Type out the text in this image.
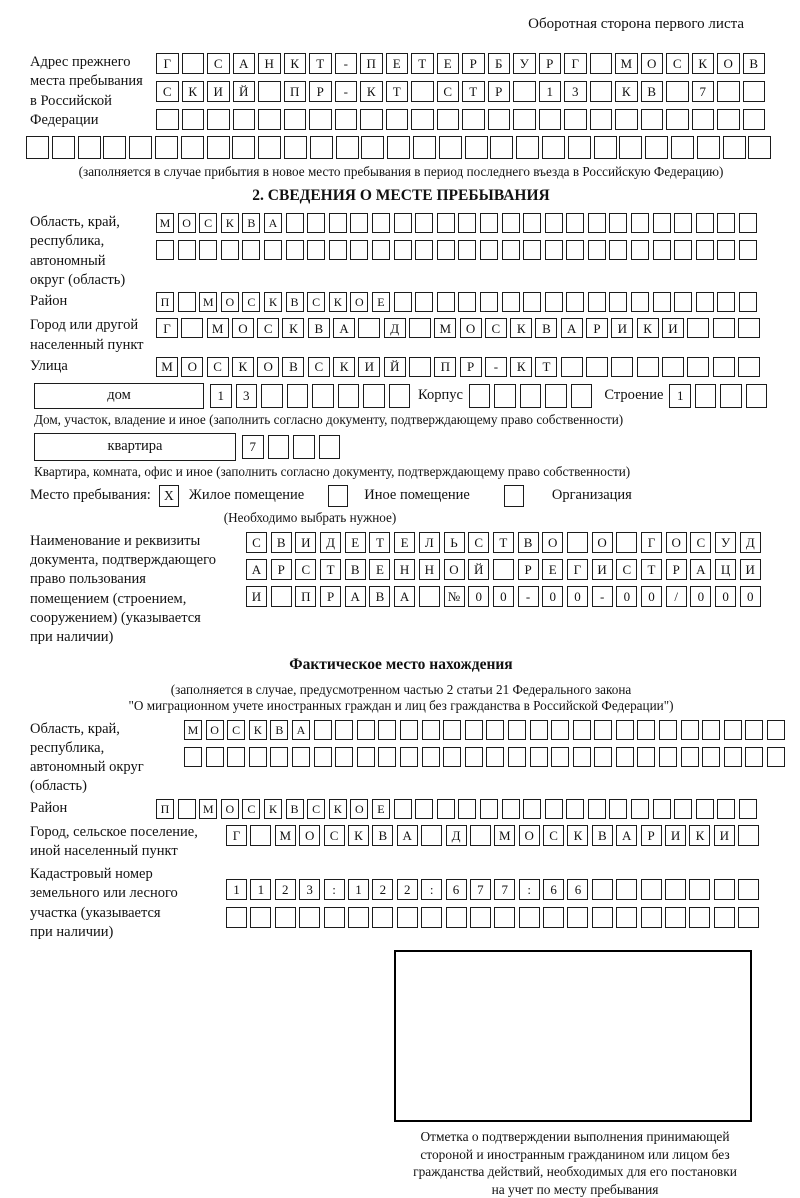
Оборотная сторона первого листа
Адрес прежнего
места пребывания
в Российской
Федерации
Г	С	А	Н	К	Т	-	П	Е	Т	Е	Р	Б	У	Р	Г	М	О	С	К	О	В
С	К	И	Й	П	Р	-	К	Т	С	Т	Р	1	3	К	В	7
(заполняется в случае прибытия в новое место пребывания в период последнего въезда в Российскую Федерацию)
2. СВЕДЕНИЯ О МЕСТЕ ПРЕБЫВАНИЯ
Область, край,
республика,
автономный
округ (область)
М О	С	К	В	А
Район	П	М О	С	К	В	С	К	О	Е
Город или другой
населенный пункт
Г	М	О	С	К	В	А	Д	М	О	С	К	В	А	Р	И	К	И
Улица	М	О	С	К	О	В	С	К	И	Й	П	Р	-	К	Т
дом	1	3	Корпус	Строение	1
Дом, участок, владение и иное (заполнить согласно документу, подтверждающему право собственности)
квартира	7
Квартира, комната, офис и иное (заполнить согласно документу, подтверждающему право собственности)
Место пребывания: X	Жилое помещение	Иное помещение	Организация
(Необходимо выбрать нужное)
Наименование и реквизиты
документа, подтверждающего
право пользования
помещением (строением,
сооружением) (указывается
при наличии)
С	В	И	Д	Е	Т	Е	Л	Ь	С	Т	В	О	О	Г	О	С	У	Д
А	Р	С	Т	В	Е	Н	Н	О	Й	Р	Е	Г	И	С	Т	Р	А	Ц	И
И	П	Р	А	В	А	№	0	0	-	0	0	-	0	0	/	0	0	0
Фактическое место нахождения
(заполняется в случае, предусмотренном частью 2 статьи 21 Федерального закона
"О миграционном учете иностранных граждан и лиц без гражданства в Российской Федерации")
Область, край,
республика,
автономный округ
(область)
М О	С	К	В	А
Район	П	М О	С	К	В	С	К	О	Е
Город, сельское поселение,
иной населенный пункт
Г	М	О	С	К	В	А	Д	М	О	С	К	В	А	Р	И	К	И
Кадастровый номер
земельного или лесного
участка (указывается
при наличии)
1	1	2	3	:	1	2	2	:	6	7	7	:	6	6
Отметка о подтверждении выполнения принимающей
стороной и иностранным гражданином или лицом без
гражданства действий, необходимых для его постановки
на учет по месту пребывания
